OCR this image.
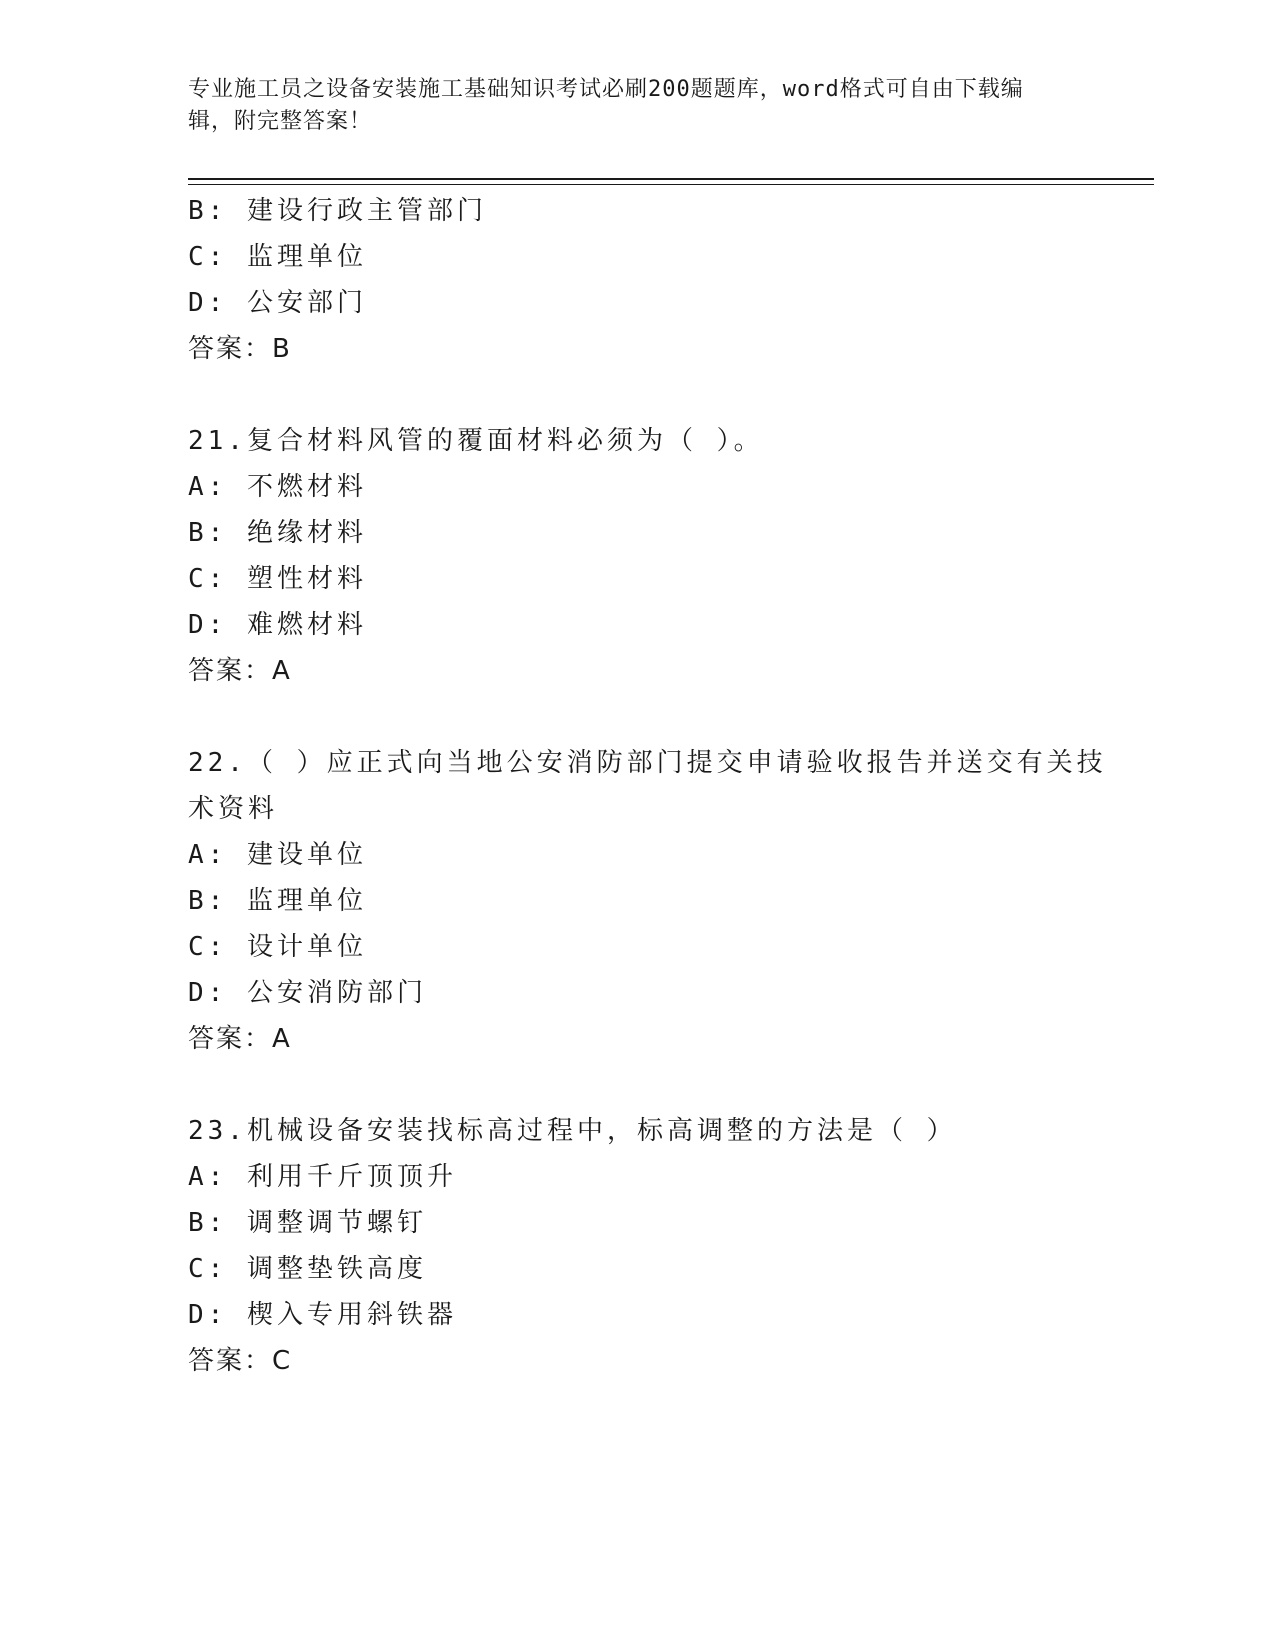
专业施工员之设备安装施工基础知识考试必刷200题题库，word格式可自由下载编辑，附完整答案！
B: 建设行政主管部门
C: 监理单位
D: 公安部门
答案：B
21.复合材料风管的覆面材料必须为（ ）。
A: 不燃材料
B: 绝缘材料
C: 塑性材料
D: 难燃材料
答案：A
22.（ ）应正式向当地公安消防部门提交申请验收报告并送交有关技
术资料
A: 建设单位
B: 监理单位
C: 设计单位
D: 公安消防部门
答案：A
23.机械设备安装找标高过程中，标高调整的方法是（ ）
A: 利用千斤顶顶升
B: 调整调节螺钉
C: 调整垫铁高度
D: 楔入专用斜铁器
答案：C
